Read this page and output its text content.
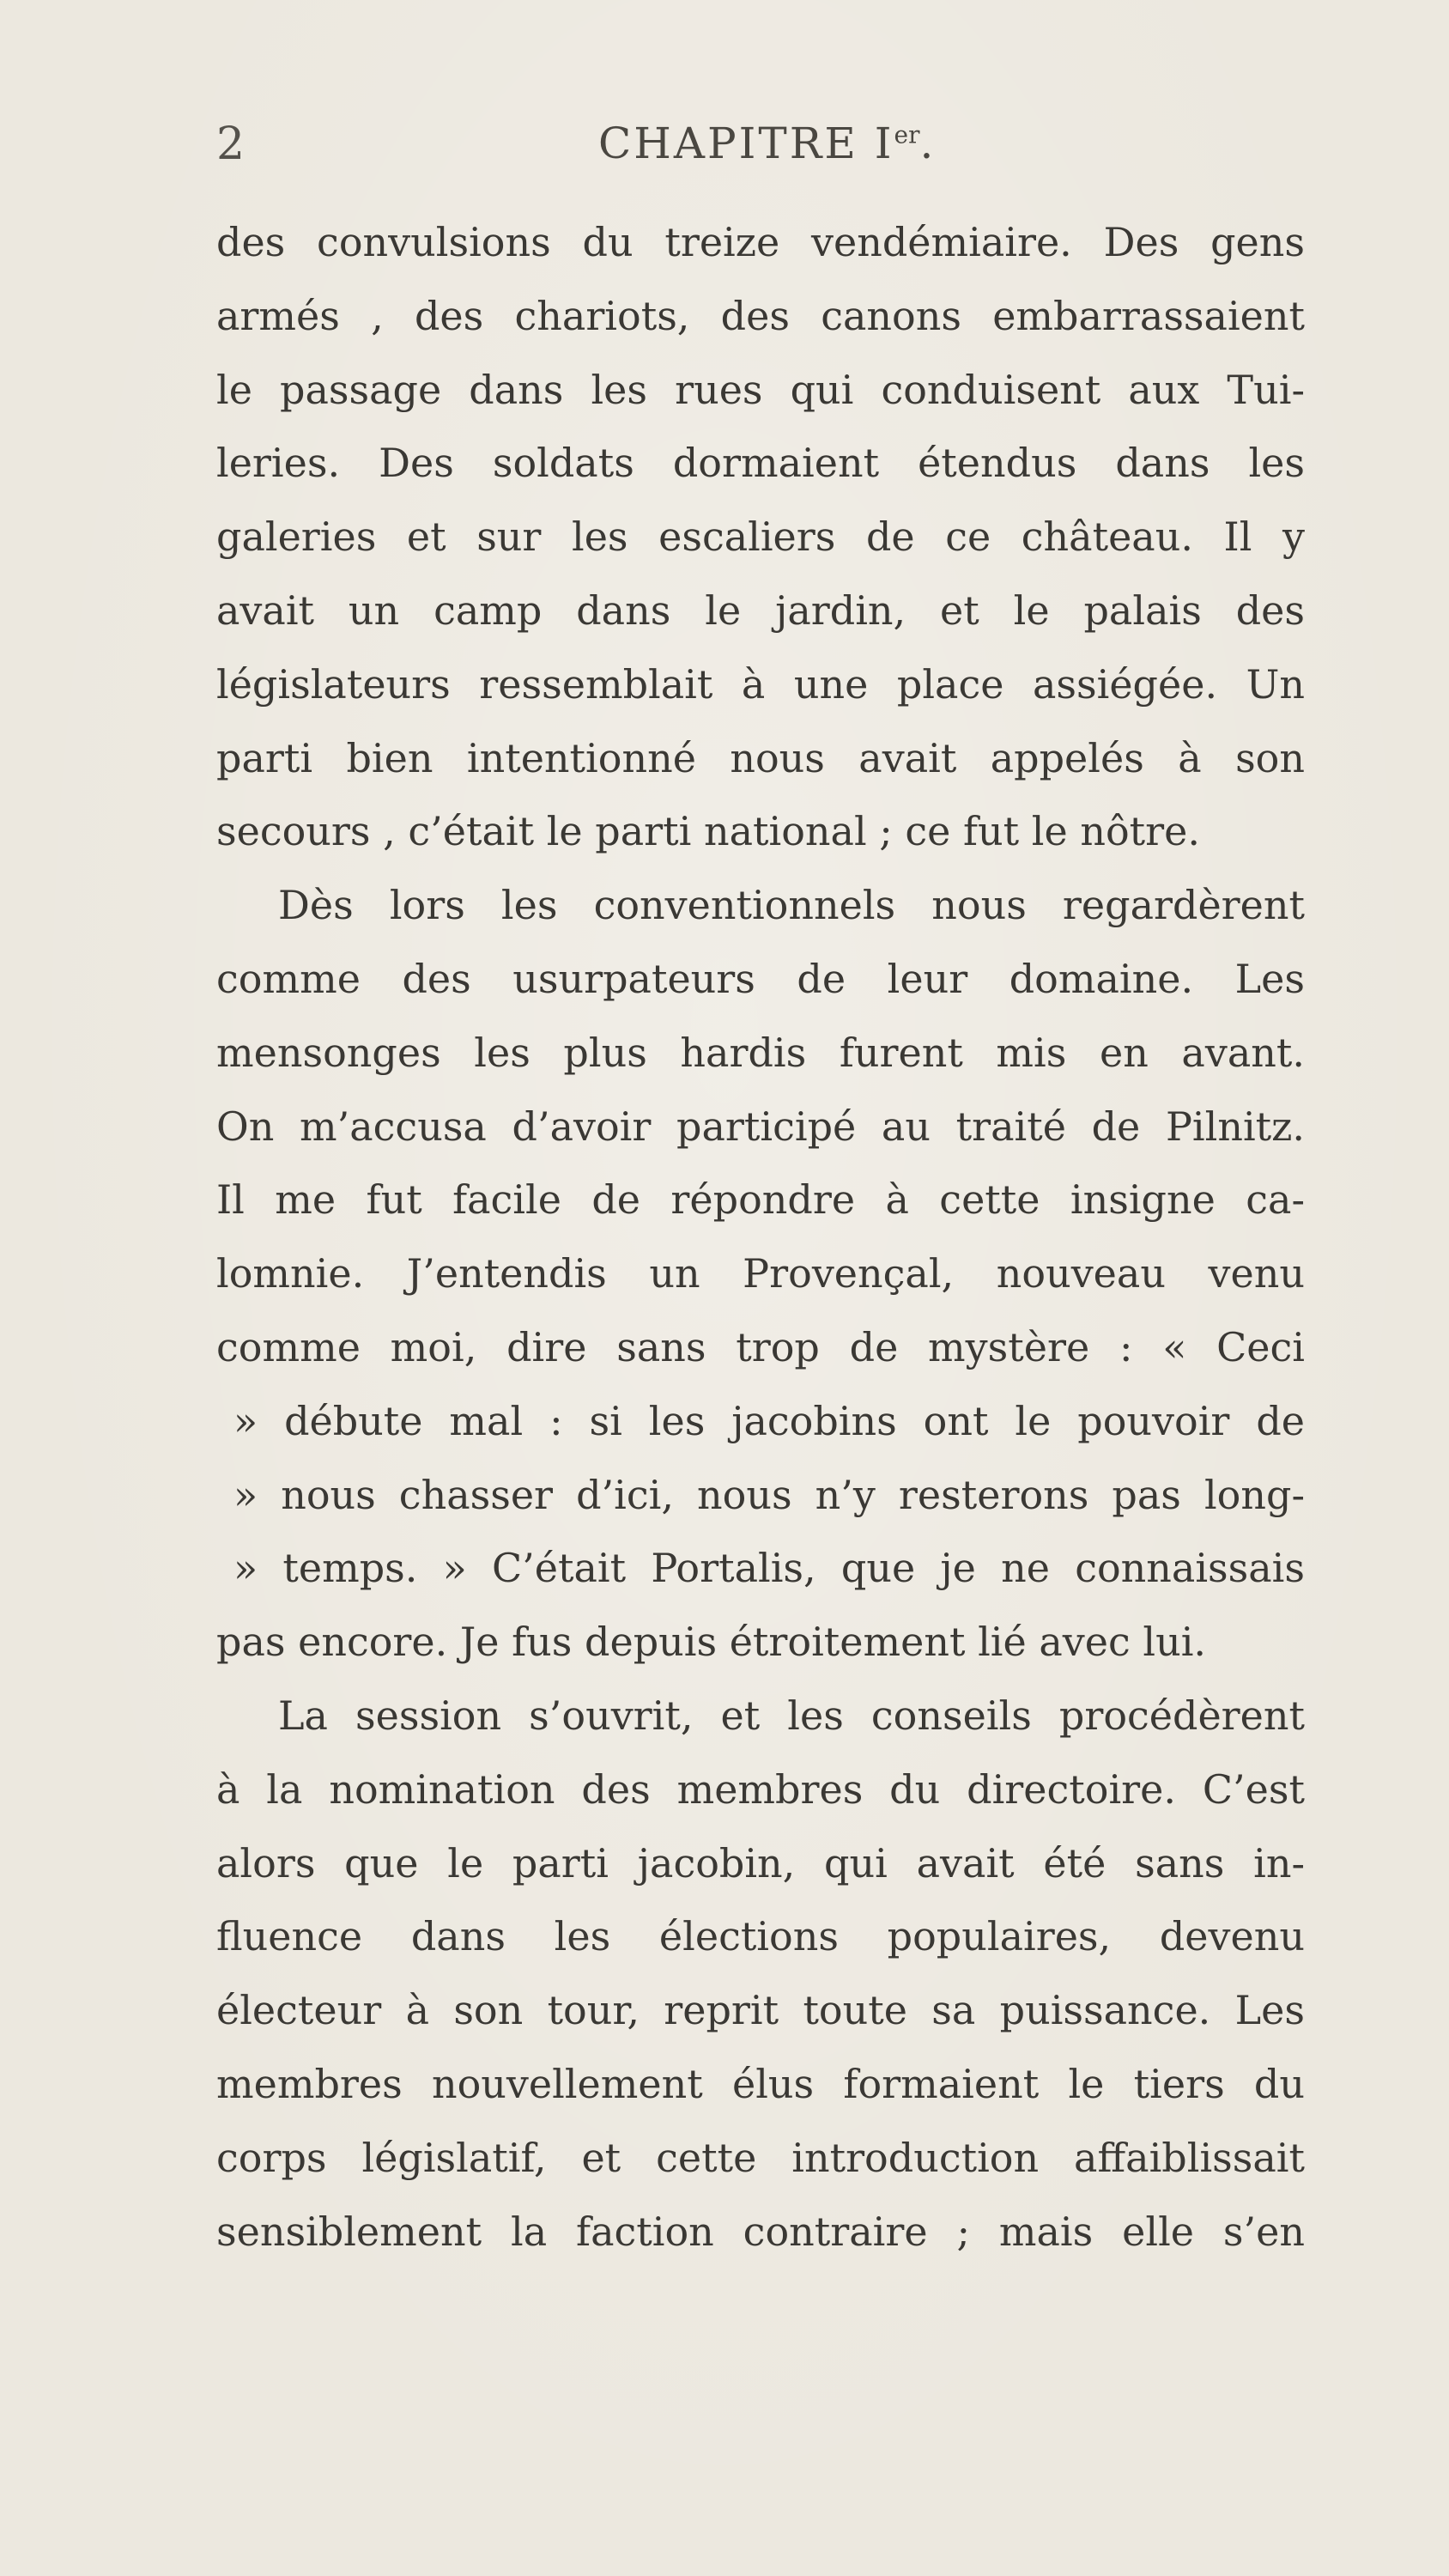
2	CHAPITRE Ier.
des convulsions du treize vendémiaire. Des gens
armés , des chariots, des canons embarrassaient
le passage dans les rues qui conduisent aux Tui-
leries. Des soldats dormaient étendus dans les
galeries et sur les escaliers de ce château. Il y
avait un camp dans le jardin, et le palais des
législateurs ressemblait à une place assiégée. Un
parti bien intentionné nous avait appelés à son
secours , c’était le parti national ; ce fut le nôtre.
Dès lors les conventionnels nous regardèrent
comme des usurpateurs de leur domaine. Les
mensonges les plus hardis furent mis en avant.
On m’accusa d’avoir participé au traité de Pilnitz.
Il me fut facile de répondre à cette insigne ca-
lomnie. J’entendis un Provençal, nouveau venu
comme moi, dire sans trop de mystère : « Ceci
» débute mal : si les jacobins ont le pouvoir de
» nous chasser d’ici, nous n’y resterons pas long-
» temps. » C’était Portalis, que je ne connaissais
pas encore. Je fus depuis étroitement lié avec lui.
La session s’ouvrit, et les conseils procédèrent
à la nomination des membres du directoire. C’est
alors que le parti jacobin, qui avait été sans in-
fluence dans les élections populaires, devenu
électeur à son tour, reprit toute sa puissance. Les
membres nouvellement élus formaient le tiers du
corps législatif, et cette introduction affaiblissait
sensiblement la faction contraire ; mais elle s’en
